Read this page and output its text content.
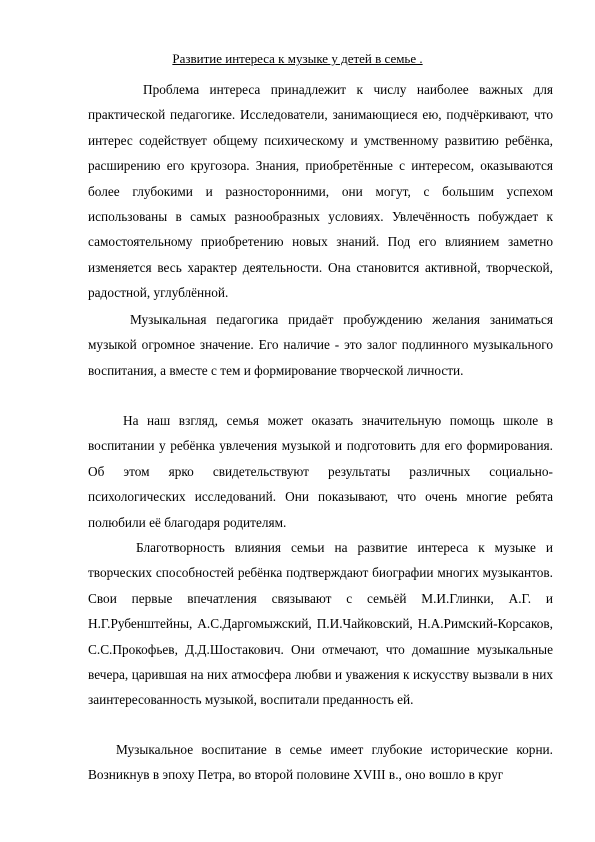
Развитие интереса к музыке у детей в семье .

Проблема интереса принадлежит к числу наиболее важных для практической педагогике. Исследователи, занимающиеся ею, подчёркивают, что интерес содействует общему психическому и умственному развитию ребёнка, расширению его кругозора. Знания, приобретённые с интересом, оказываются более глубокими и разносторонними, они могут, с большим успехом использованы в самых разнообразных условиях. Увлечённость побуждает к самостоятельному приобретению новых знаний. Под его влиянием заметно изменяется весь характер деятельности. Она становится активной, творческой, радостной, углублённой.

Музыкальная педагогика придаёт пробуждению желания заниматься музыкой огромное значение. Его наличие - это залог подлинного музыкального воспитания, а вместе с тем и формирование творческой личности.

На наш взгляд, семья может оказать значительную помощь школе в воспитании у ребёнка увлечения музыкой и подготовить для его формирования. Об этом ярко свидетельствуют результаты различных социально-психологических исследований. Они показывают, что очень многие ребята полюбили её благодаря родителям.

Благотворность влияния семьи на развитие интереса к музыке и творческих способностей ребёнка подтверждают биографии многих музыкантов. Свои первые впечатления связывают с семьёй М.И.Глинки, А.Г. и Н.Г.Рубенштейны, А.С.Даргомыжский, П.И.Чайковский, Н.А.Римский-Корсаков, С.С.Прокофьев, Д.Д.Шостакович. Они отмечают, что домашние музыкальные вечера, царившая на них атмосфера любви и уважения к искусству вызвали в них заинтересованность музыкой, воспитали преданность ей.

Музыкальное воспитание в семье имеет глубокие исторические корни. Возникнув в эпоху Петра, во второй половине XVIII в., оно вошло в круг
